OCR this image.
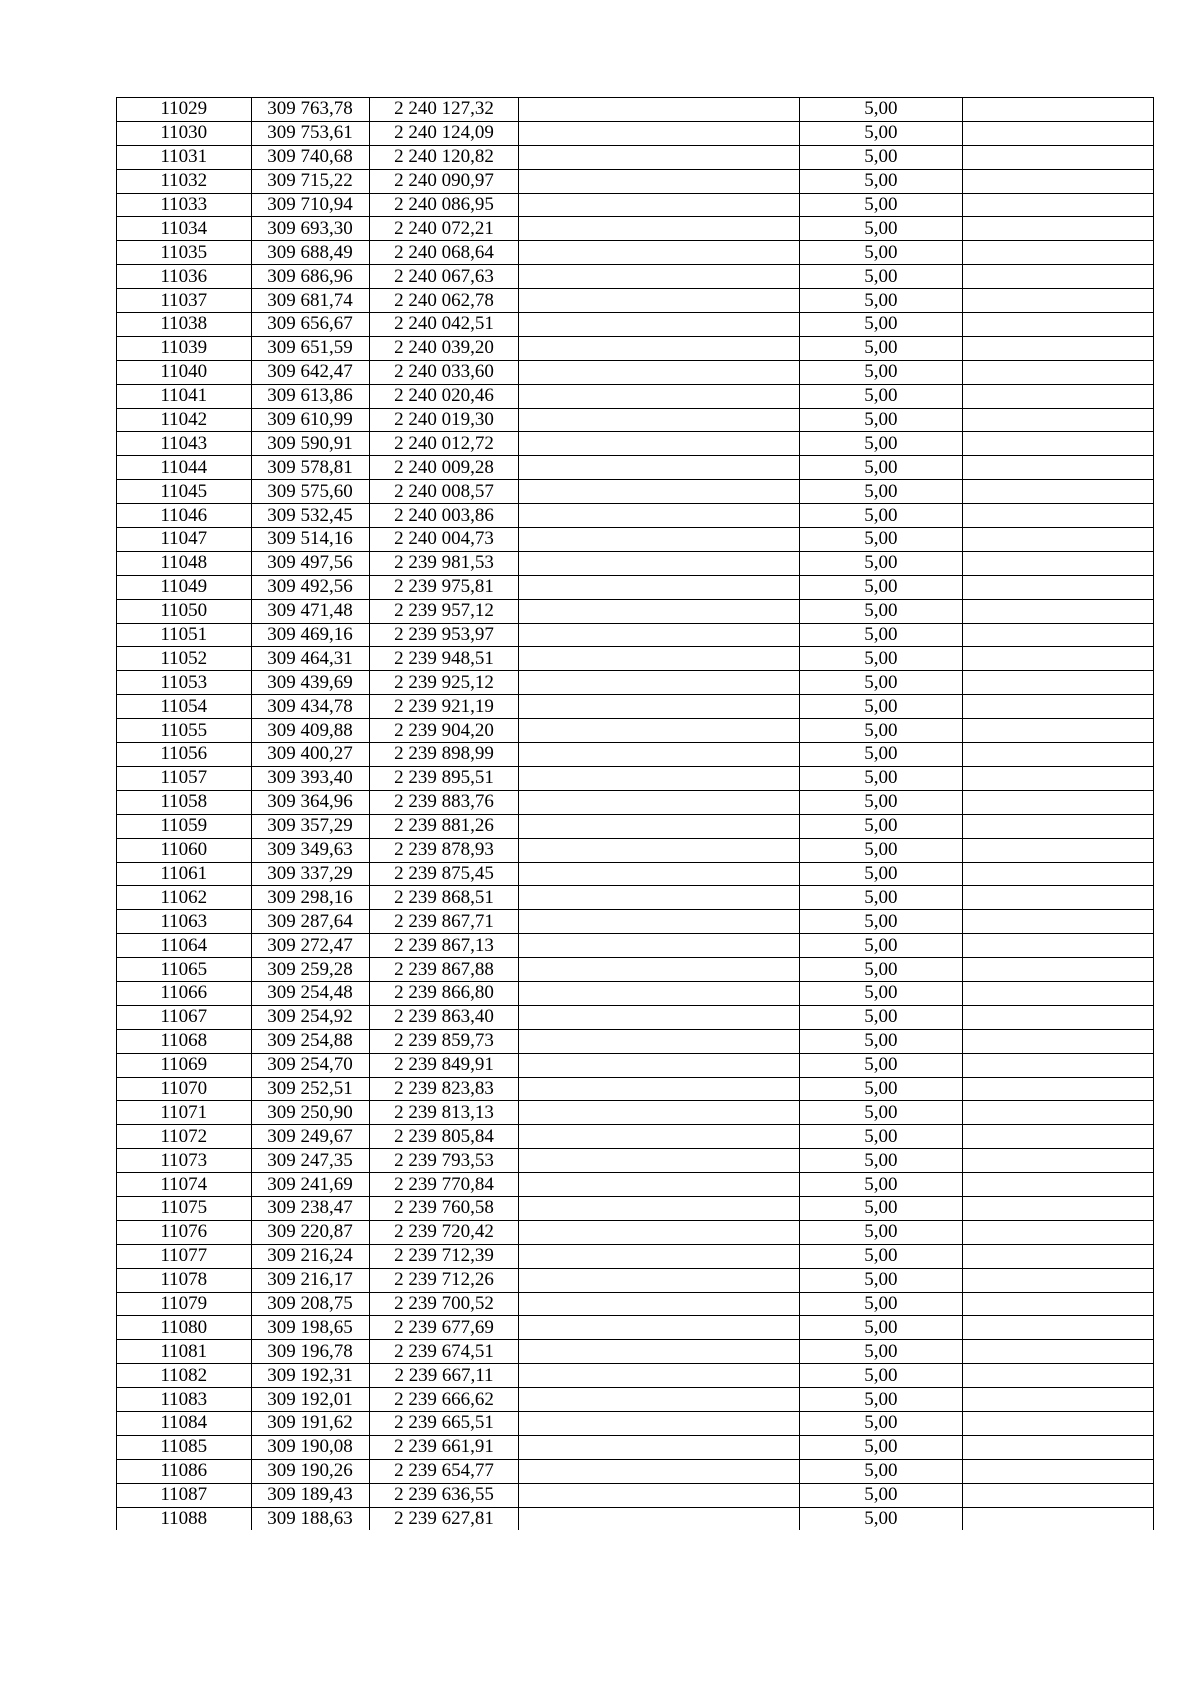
11029	309 763,78	2 240 127,32		5,00	
11030	309 753,61	2 240 124,09		5,00	
11031	309 740,68	2 240 120,82		5,00	
11032	309 715,22	2 240 090,97		5,00	
11033	309 710,94	2 240 086,95		5,00	
11034	309 693,30	2 240 072,21		5,00	
11035	309 688,49	2 240 068,64		5,00	
11036	309 686,96	2 240 067,63		5,00	
11037	309 681,74	2 240 062,78		5,00	
11038	309 656,67	2 240 042,51		5,00	
11039	309 651,59	2 240 039,20		5,00	
11040	309 642,47	2 240 033,60		5,00	
11041	309 613,86	2 240 020,46		5,00	
11042	309 610,99	2 240 019,30		5,00	
11043	309 590,91	2 240 012,72		5,00	
11044	309 578,81	2 240 009,28		5,00	
11045	309 575,60	2 240 008,57		5,00	
11046	309 532,45	2 240 003,86		5,00	
11047	309 514,16	2 240 004,73		5,00	
11048	309 497,56	2 239 981,53		5,00	
11049	309 492,56	2 239 975,81		5,00	
11050	309 471,48	2 239 957,12		5,00	
11051	309 469,16	2 239 953,97		5,00	
11052	309 464,31	2 239 948,51		5,00	
11053	309 439,69	2 239 925,12		5,00	
11054	309 434,78	2 239 921,19		5,00	
11055	309 409,88	2 239 904,20		5,00	
11056	309 400,27	2 239 898,99		5,00	
11057	309 393,40	2 239 895,51		5,00	
11058	309 364,96	2 239 883,76		5,00	
11059	309 357,29	2 239 881,26		5,00	
11060	309 349,63	2 239 878,93		5,00	
11061	309 337,29	2 239 875,45		5,00	
11062	309 298,16	2 239 868,51		5,00	
11063	309 287,64	2 239 867,71		5,00	
11064	309 272,47	2 239 867,13		5,00	
11065	309 259,28	2 239 867,88		5,00	
11066	309 254,48	2 239 866,80		5,00	
11067	309 254,92	2 239 863,40		5,00	
11068	309 254,88	2 239 859,73		5,00	
11069	309 254,70	2 239 849,91		5,00	
11070	309 252,51	2 239 823,83		5,00	
11071	309 250,90	2 239 813,13		5,00	
11072	309 249,67	2 239 805,84		5,00	
11073	309 247,35	2 239 793,53		5,00	
11074	309 241,69	2 239 770,84		5,00	
11075	309 238,47	2 239 760,58		5,00	
11076	309 220,87	2 239 720,42		5,00	
11077	309 216,24	2 239 712,39		5,00	
11078	309 216,17	2 239 712,26		5,00	
11079	309 208,75	2 239 700,52		5,00	
11080	309 198,65	2 239 677,69		5,00	
11081	309 196,78	2 239 674,51		5,00	
11082	309 192,31	2 239 667,11		5,00	
11083	309 192,01	2 239 666,62		5,00	
11084	309 191,62	2 239 665,51		5,00	
11085	309 190,08	2 239 661,91		5,00	
11086	309 190,26	2 239 654,77		5,00	
11087	309 189,43	2 239 636,55		5,00	
11088	309 188,63	2 239 627,81		5,00	
